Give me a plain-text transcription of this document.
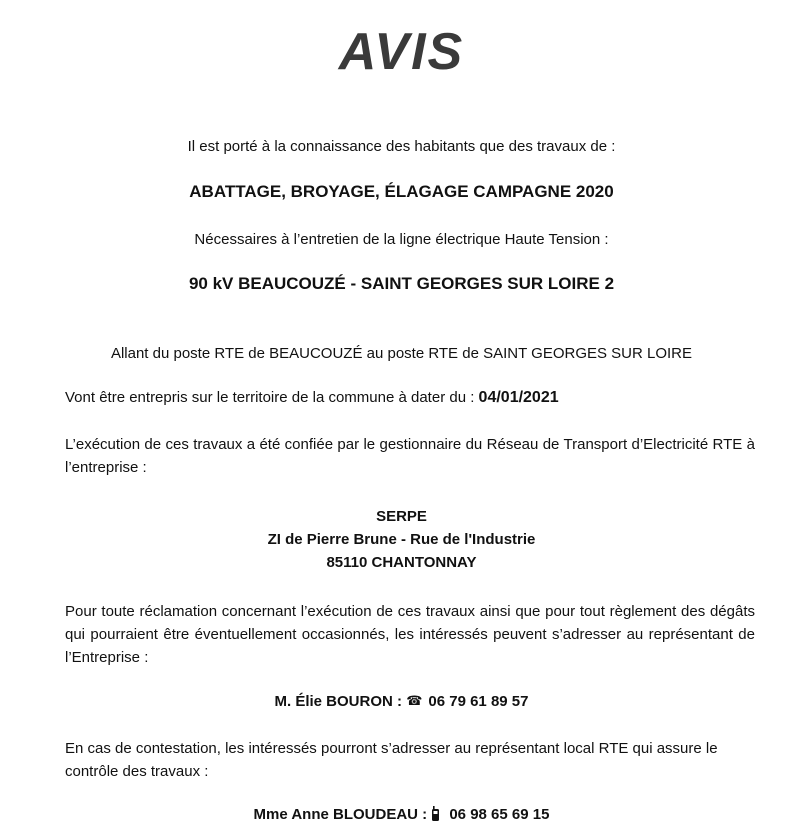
AVIS
Il est porté à la connaissance des habitants que des travaux de :
ABATTAGE, BROYAGE, ÉLAGAGE CAMPAGNE 2020
Nécessaires à l’entretien de la ligne électrique Haute Tension :
90 kV BEAUCOUZÉ - SAINT GEORGES SUR LOIRE 2
Allant du poste RTE de BEAUCOUZÉ au poste RTE de SAINT GEORGES SUR LOIRE
Vont être entrepris sur le territoire de la commune à dater du : 04/01/2021
L’exécution de ces travaux a été confiée par le gestionnaire du Réseau de Transport d’Electricité RTE à l’entreprise :
SERPE
ZI de Pierre Brune - Rue de l'Industrie
85110 CHANTONNAY
Pour toute réclamation concernant l’exécution de ces travaux ainsi que pour tout règlement des dégâts qui pourraient être éventuellement occasionnés, les intéressés peuvent s’adresser au représentant de l’Entreprise :
M. Élie BOURON : ☎ 06 79 61 89 57
En cas de contestation, les intéressés pourront s’adresser au représentant local RTE qui assure le contrôle des travaux :
Mme Anne BLOUDEAU : 06 98 65 69 15
